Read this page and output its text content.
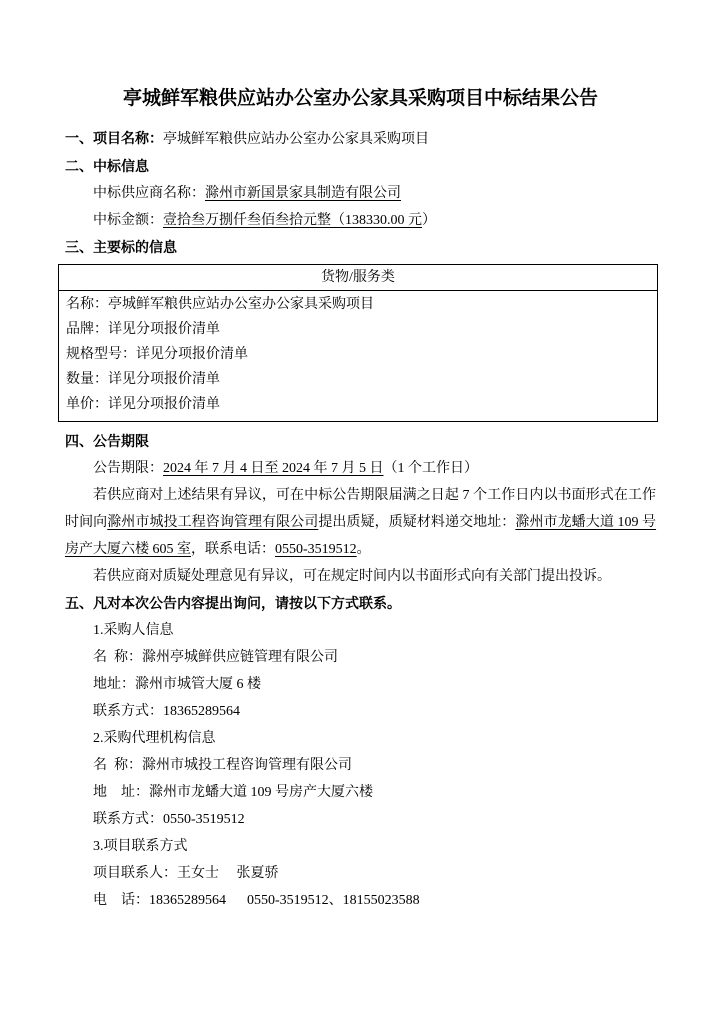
亭城鲜军粮供应站办公室办公家具采购项目中标结果公告
一、项目名称：亭城鲜军粮供应站办公室办公家具采购项目
二、中标信息
中标供应商名称：滁州市新国景家具制造有限公司
中标金额：壹拾叁万捌仟叁佰叁拾元整（138330.00 元）
三、主要标的信息
货物/服务类
名称：亭城鲜军粮供应站办公室办公家具采购项目
品牌：详见分项报价清单
规格型号：详见分项报价清单
数量：详见分项报价清单
单价：详见分项报价清单
四、公告期限
公告期限：2024 年 7 月 4 日至 2024 年 7 月 5 日（1 个工作日）

若供应商对上述结果有异议，可在中标公告期限届满之日起 7 个工作日内以书面形式在工作时间向滁州市城投工程咨询管理有限公司提出质疑，质疑材料递交地址：滁州市龙蟠大道 109 号房产大厦六楼 605 室，联系电话：0550-3519512。

若供应商对质疑处理意见有异议，可在规定时间内以书面形式向有关部门提出投诉。

五、凡对本次公告内容提出询问，请按以下方式联系。
1.采购人信息
名  称：滁州亭城鲜供应链管理有限公司
地址：滁州市城管大厦 6 楼
联系方式：18365289564
2.采购代理机构信息
名  称：滁州市城投工程咨询管理有限公司
地　址：滁州市龙蟠大道 109 号房产大厦六楼
联系方式：0550-3519512
3.项目联系方式
项目联系人：王女士　 张夏骄
电　话：18365289564　  0550-3519512、18155023588
